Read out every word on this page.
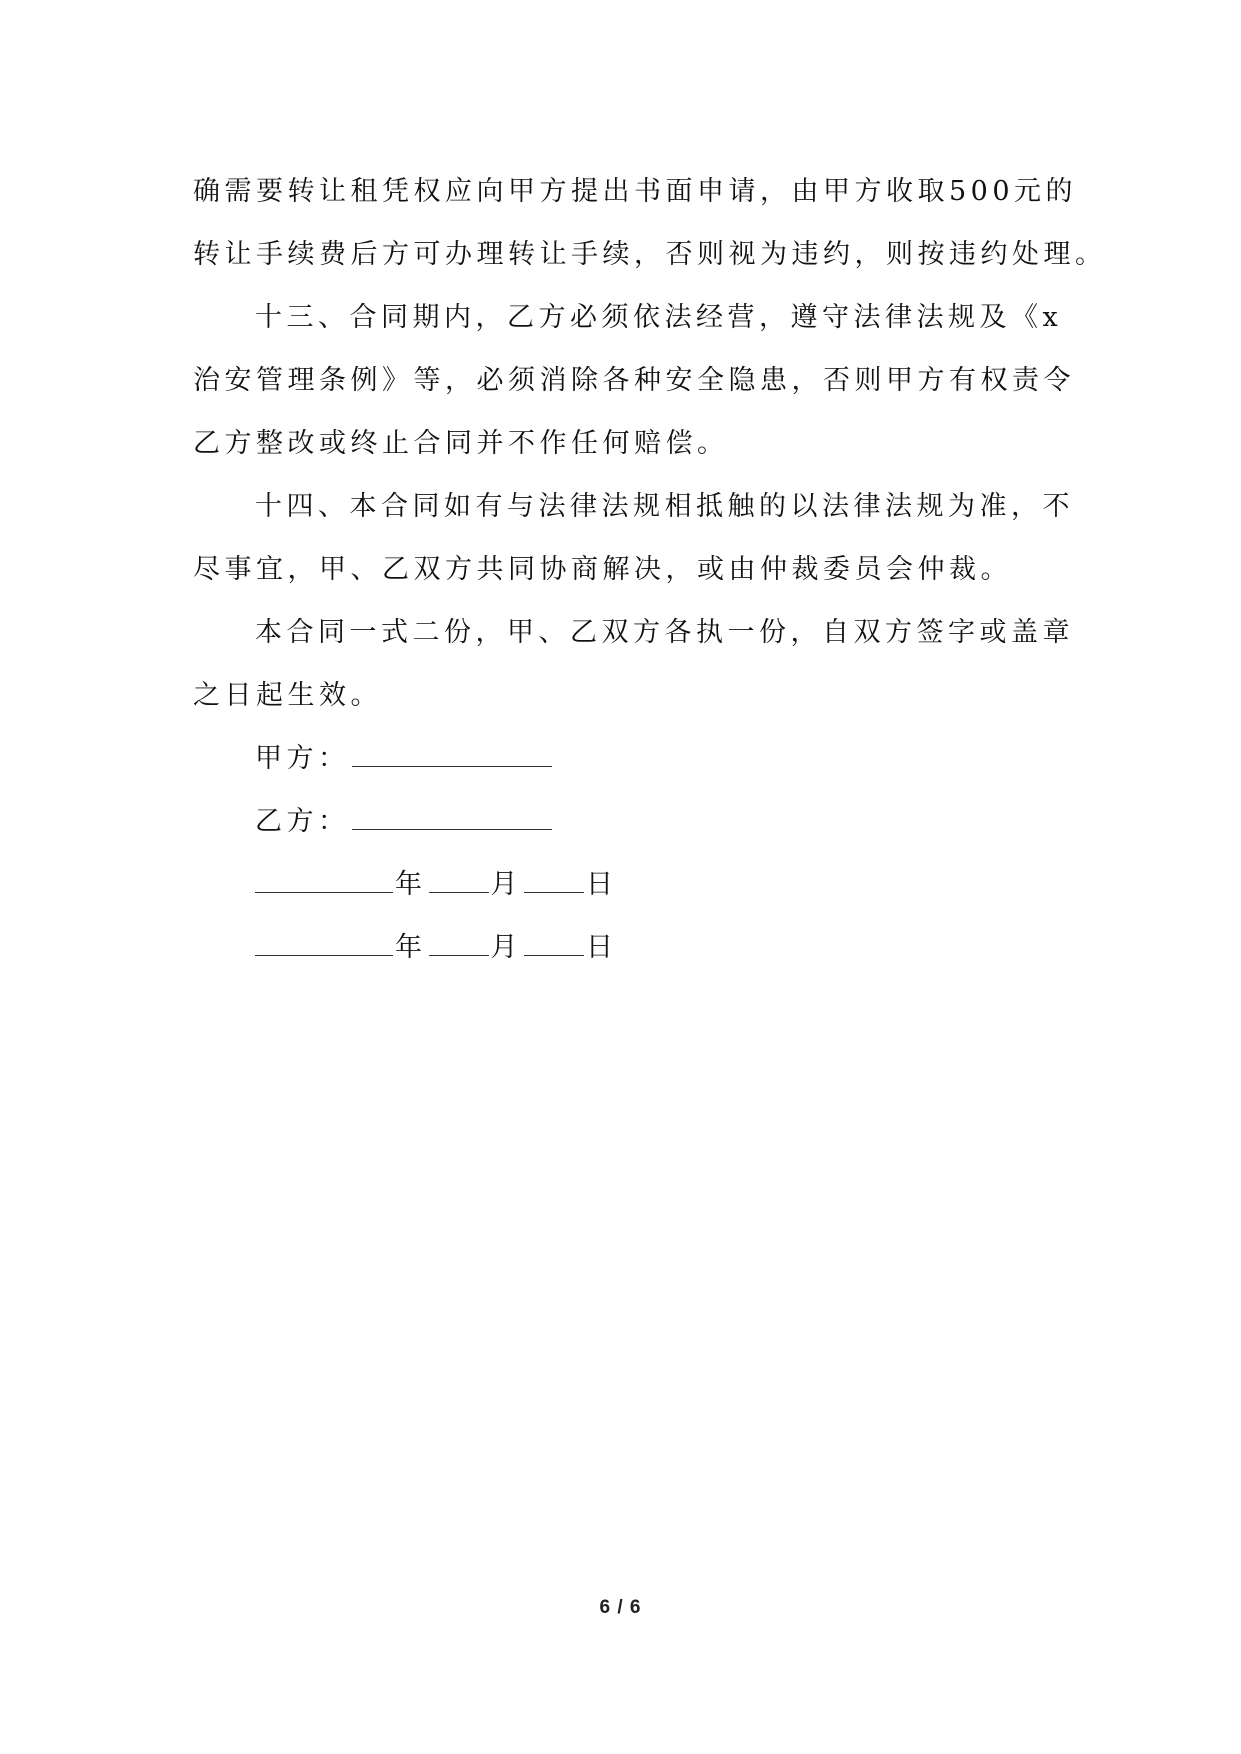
确需要转让租凭权应向甲方提出书面申请，由甲方收取500元的
转让手续费后方可办理转让手续，否则视为违约，则按违约处理。
十三、合同期内，乙方必须依法经营，遵守法律法规及《x
治安管理条例》等，必须消除各种安全隐患，否则甲方有权责令
乙方整改或终止合同并不作任何赔偿。
十四、本合同如有与法律法规相抵触的以法律法规为准，不
尽事宜，甲、乙双方共同协商解决，或由仲裁委员会仲裁。
本合同一式二份，甲、乙双方各执一份，自双方签字或盖章
之日起生效。
甲方：
乙方：
年 月 日
年 月 日
6 / 6
